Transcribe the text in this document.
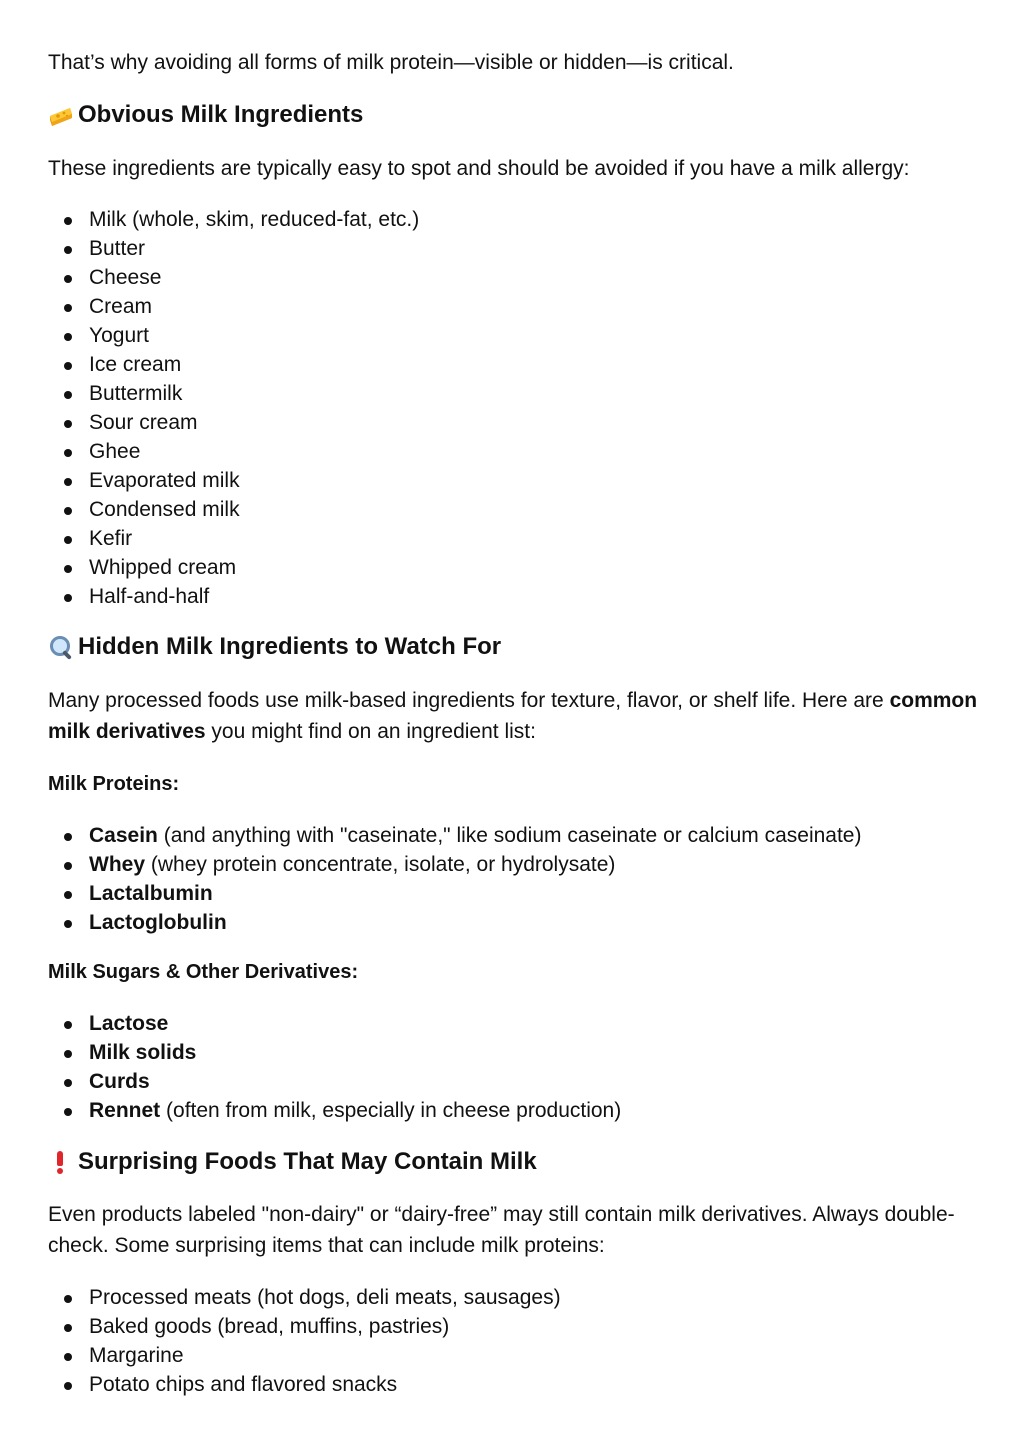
That’s why avoiding all forms of milk protein—visible or hidden—is critical.

Obvious Milk Ingredients

These ingredients are typically easy to spot and should be avoided if you have a milk allergy:

Milk (whole, skim, reduced-fat, etc.)
Butter
Cheese
Cream
Yogurt
Ice cream
Buttermilk
Sour cream
Ghee
Evaporated milk
Condensed milk
Kefir
Whipped cream
Half-and-half
Hidden Milk Ingredients to Watch For

Many processed foods use milk-based ingredients for texture, flavor, or shelf life. Here are common milk derivatives you might find on an ingredient list:

Milk Proteins:
Casein (and anything with "caseinate," like sodium caseinate or calcium caseinate)
Whey (whey protein concentrate, isolate, or hydrolysate)
Lactalbumin
Lactoglobulin
Milk Sugars & Other Derivatives:
Lactose
Milk solids
Curds
Rennet (often from milk, especially in cheese production)
Surprising Foods That May Contain Milk

Even products labeled "non-dairy" or “dairy-free” may still contain milk derivatives. Always double-check. Some surprising items that can include milk proteins:

Processed meats (hot dogs, deli meats, sausages)
Baked goods (bread, muffins, pastries)
Margarine
Potato chips and flavored snacks
